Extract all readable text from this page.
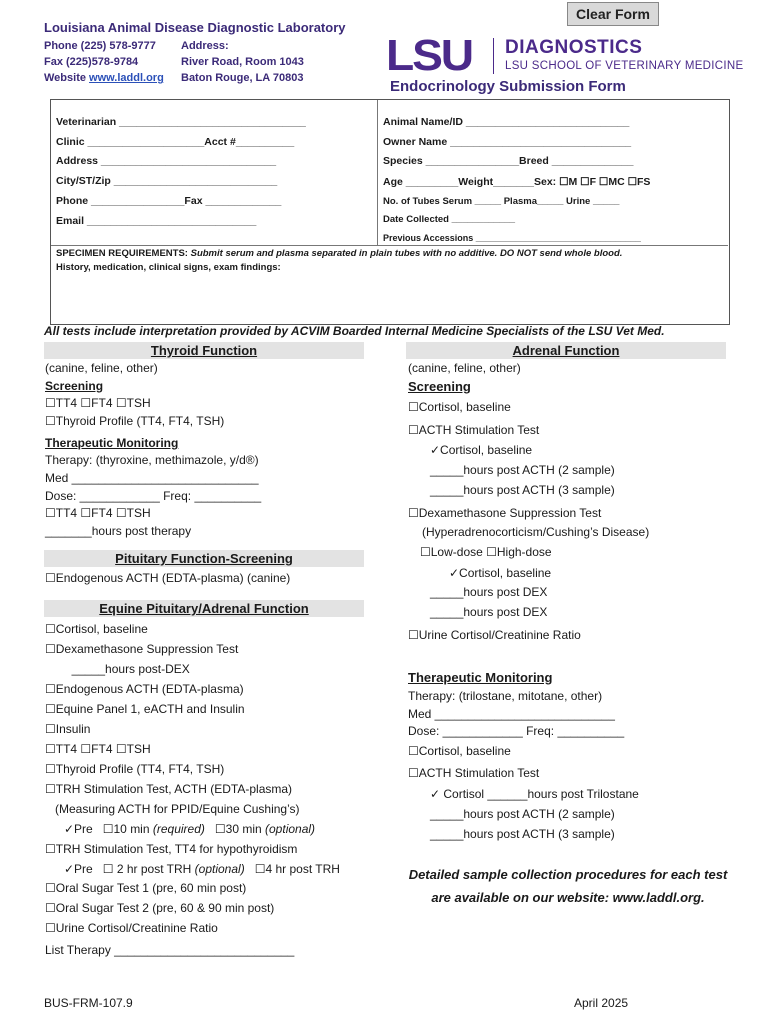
Louisiana Animal Disease Diagnostic Laboratory
Phone (225) 578-9777
Fax (225)578-9784
Website www.laddl.org
Address:
River Road, Room 1043
Baton Rouge, LA 70803
Clear Form
LSU DIAGNOSTICS
LSU SCHOOL OF VETERINARY MEDICINE
Endocrinology Submission Form
Veterinarian ________________________________
Clinic ____________________Acct #__________
Address ______________________________
City/ST/Zip ____________________________
Phone ________________Fax _____________
Email _____________________________
Animal Name/ID ____________________________
Owner Name _______________________________
Species ________________Breed ______________
Age _________Weight_______Sex: ☐M ☐F ☐MC ☐FS
No. of Tubes Serum _____ Plasma_____ Urine _____
Date Collected ____________
Previous Accessions _________________________________
SPECIMEN REQUIREMENTS: Submit serum and plasma separated in plain tubes with no additive. DO NOT send whole blood.
History, medication, clinical signs, exam findings:
All tests include interpretation provided by ACVIM Boarded Internal Medicine Specialists of the LSU Vet Med.
Thyroid Function
(canine, feline, other)
Screening
☐TT4 ☐FT4 ☐TSH
☐Thyroid Profile (TT4, FT4, TSH)
Therapeutic Monitoring
Therapy: (thyroxine, methimazole, y/d®)
Med ____________________________
Dose: ____________ Freq: __________
☐TT4 ☐FT4 ☐TSH
_______hours post therapy
Pituitary Function-Screening
☐Endogenous ACTH (EDTA-plasma) (canine)
Equine Pituitary/Adrenal Function
☐Cortisol, baseline
☐Dexamethasone Suppression Test
_____hours post-DEX
☐Endogenous ACTH (EDTA-plasma)
☐Equine Panel 1, eACTH and Insulin
☐Insulin
☐TT4 ☐FT4 ☐TSH
☐Thyroid Profile (TT4, FT4, TSH)
☐TRH Stimulation Test, ACTH (EDTA-plasma)
(Measuring ACTH for PPID/Equine Cushing’s)
✓Pre ☐10 min (required) ☐30 min (optional)
☐TRH Stimulation Test, TT4 for hypothyroidism
✓Pre ☐ 2 hr post TRH (optional) ☐4 hr post TRH
☐Oral Sugar Test 1 (pre, 60 min post)
☐Oral Sugar Test 2 (pre, 60 & 90 min post)
☐Urine Cortisol/Creatinine Ratio
List Therapy ___________________________
Adrenal Function
(canine, feline, other)
Screening
☐Cortisol, baseline
☐ACTH Stimulation Test
✓Cortisol, baseline
_____hours post ACTH (2 sample)
_____hours post ACTH (3 sample)
☐Dexamethasone Suppression Test
(Hyperadrenocorticism/Cushing’s Disease)
☐Low-dose ☐High-dose
✓Cortisol, baseline
_____hours post DEX
_____hours post DEX
☐Urine Cortisol/Creatinine Ratio
Therapeutic Monitoring
Therapy: (trilostane, mitotane, other)
Med ___________________________
Dose: ____________ Freq: __________
☐Cortisol, baseline
☐ACTH Stimulation Test
✓ Cortisol ______hours post Trilostane
_____hours post ACTH (2 sample)
_____hours post ACTH (3 sample)
Detailed sample collection procedures for each test are available on our website: www.laddl.org.
BUS-FRM-107.9	April 2025
